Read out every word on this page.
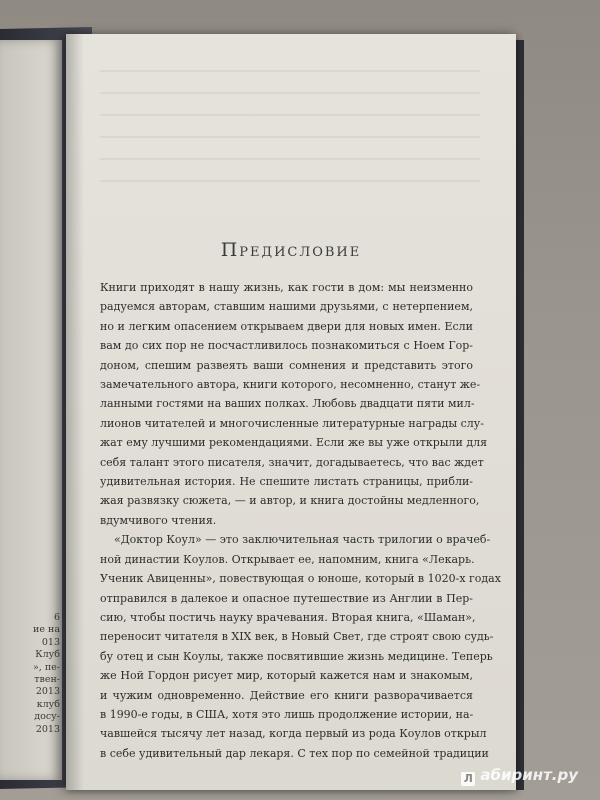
6
ие на
013
Клуб
», пе-
твен-
2013
клуб
досу-
2013
Предисловие
Книги приходят в нашу жизнь, как гости в дом: мы неизменно
радуемся авторам, ставшим нашими друзьями, с нетерпением,
но и легким опасением открываем двери для новых имен. Если
вам до сих пор не посчастливилось познакомиться с Ноем Гор-
доном, спешим развеять ваши сомнения и представить этого
замечательного автора, книги которого, несомненно, станут же-
ланными гостями на ваших полках. Любовь двадцати пяти мил-
лионов читателей и многочисленные литературные награды слу-
жат ему лучшими рекомендациями. Если же вы уже открыли для
себя талант этого писателя, значит, догадываетесь, что вас ждет
удивительная история. Не спешите листать страницы, прибли-
жая развязку сюжета, — и автор, и книга достойны медленного,
вдумчивого чтения.
«Доктор Коул» — это заключительная часть трилогии о врачеб-
ной династии Коулов. Открывает ее, напомним, книга «Лекарь.
Ученик Авиценны», повествующая о юноше, который в 1020-х годах
отправился в далекое и опасное путешествие из Англии в Пер-
сию, чтобы постичь науку врачевания. Вторая книга, «Шаман»,
переносит читателя в XIX век, в Новый Свет, где строят свою судь-
бу отец и сын Коулы, также посвятившие жизнь медицине. Теперь
же Ной Гордон рисует мир, который кажется нам и знакомым,
и чужим одновременно. Действие его книги разворачивается
в 1990-е годы, в США, хотя это лишь продолжение истории, на-
чавшейся тысячу лет назад, когда первый из рода Коулов открыл
в себе удивительный дар лекаря. С тех пор по семейной традиции
Л абиринт.ру
